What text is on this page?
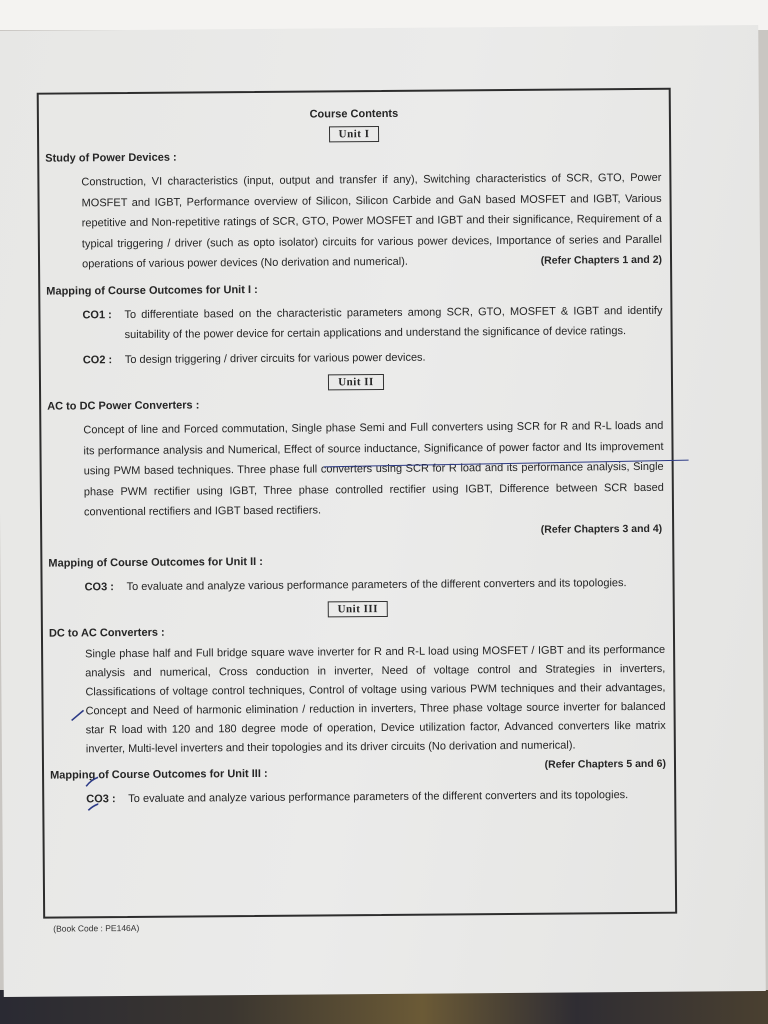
Course Contents
Unit I
Study of Power Devices :
Construction, VI characteristics (input, output and transfer if any), Switching characteristics of SCR, GTO, Power MOSFET and IGBT, Performance overview of Silicon, Silicon Carbide and GaN based MOSFET and IGBT, Various repetitive and Non-repetitive ratings of SCR, GTO, Power MOSFET and IGBT and their significance, Requirement of a typical triggering / driver (such as opto isolator) circuits for various power devices, Importance of series and Parallel operations of various power devices (No derivation and numerical).	(Refer Chapters 1 and 2)
Mapping of Course Outcomes for Unit I :
CO1 :	To differentiate based on the characteristic parameters among SCR, GTO, MOSFET & IGBT and identify suitability of the power device for certain applications and understand the significance of device ratings.
CO2 :	To design triggering / driver circuits for various power devices.
Unit II
AC to DC Power Converters :
Concept of line and Forced commutation, Single phase Semi and Full converters using SCR for R and R-L loads and its performance analysis and Numerical, Effect of source inductance, Significance of power factor and Its improvement using PWM based techniques. Three phase full converters using SCR for R load and its performance analysis, Single phase PWM rectifier using IGBT, Three phase controlled rectifier using IGBT, Difference between SCR based conventional rectifiers and IGBT based rectifiers.
(Refer Chapters 3 and 4)
Mapping of Course Outcomes for Unit II :
CO3 :	To evaluate and analyze various performance parameters of the different converters and its topologies.
Unit III
DC to AC Converters :
Single phase half and Full bridge square wave inverter for R and R-L load using MOSFET / IGBT and its performance analysis and numerical, Cross conduction in inverter, Need of voltage control and Strategies in inverters, Classifications of voltage control techniques, Control of voltage using various PWM techniques and their advantages, Concept and Need of harmonic elimination / reduction in inverters, Three phase voltage source inverter for balanced star R load with 120 and 180 degree mode of operation, Device utilization factor, Advanced converters like matrix inverter, Multi-level inverters and their topologies and its driver circuits (No derivation and numerical).
(Refer Chapters 5 and 6)
Mapping of Course Outcomes for Unit III :
CO3 :	To evaluate and analyze various performance parameters of the different converters and its topologies.
(Book Code : PE146A)
